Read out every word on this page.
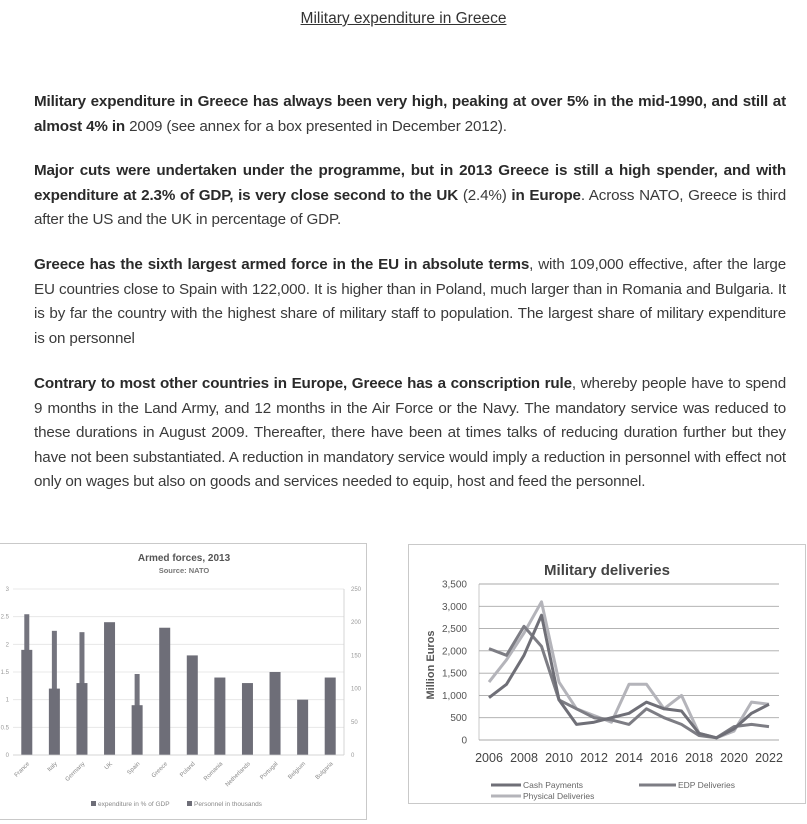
Military expenditure in Greece
Military expenditure in Greece has always been very high, peaking at over 5% in the mid-1990, and still at almost 4% in 2009 (see annex for a box presented in December 2012).
Major cuts were undertaken under the programme, but in 2013 Greece is still a high spender, and with expenditure at 2.3% of GDP, is very close second to the UK (2.4%) in Europe. Across NATO, Greece is third after the US and the UK in percentage of GDP.
Greece has the sixth largest armed force in the EU in absolute terms, with 109,000 effective, after the large EU countries close to Spain with 122,000. It is higher than in Poland, much larger than in Romania and Bulgaria. It is by far the country with the highest share of military staff to population. The largest share of military expenditure is on personnel
Contrary to most other countries in Europe, Greece has a conscription rule, whereby people have to spend 9 months in the Land Army, and 12 months in the Air Force or the Navy. The mandatory service was reduced to these durations in August 2009. Thereafter, there have been at times talks of reducing duration further but they have not been substantiated. A reduction in mandatory service would imply a reduction in personnel with effect not only on wages but also on goods and services needed to equip, host and feed the personnel.
Armed forces, 2013
Source: NATO
0
0.5
1
1.5
2
2.5
3
0
50
100
150
200
250
France	Italy Germany	UK Spain Greece Poland Romania Netherlands Portugal Belgium Bulgaria
expenditure in % of GDP	Personnel in thousands
Military deliveries
Million Euros
0
500
1,000
1,500
2,000
2,500
3,000
3,500
2006 2008 2010 2012 2014 2016 2018 2020 2022
Cash Payments	EDP Deliveries
Physical Deliveries
